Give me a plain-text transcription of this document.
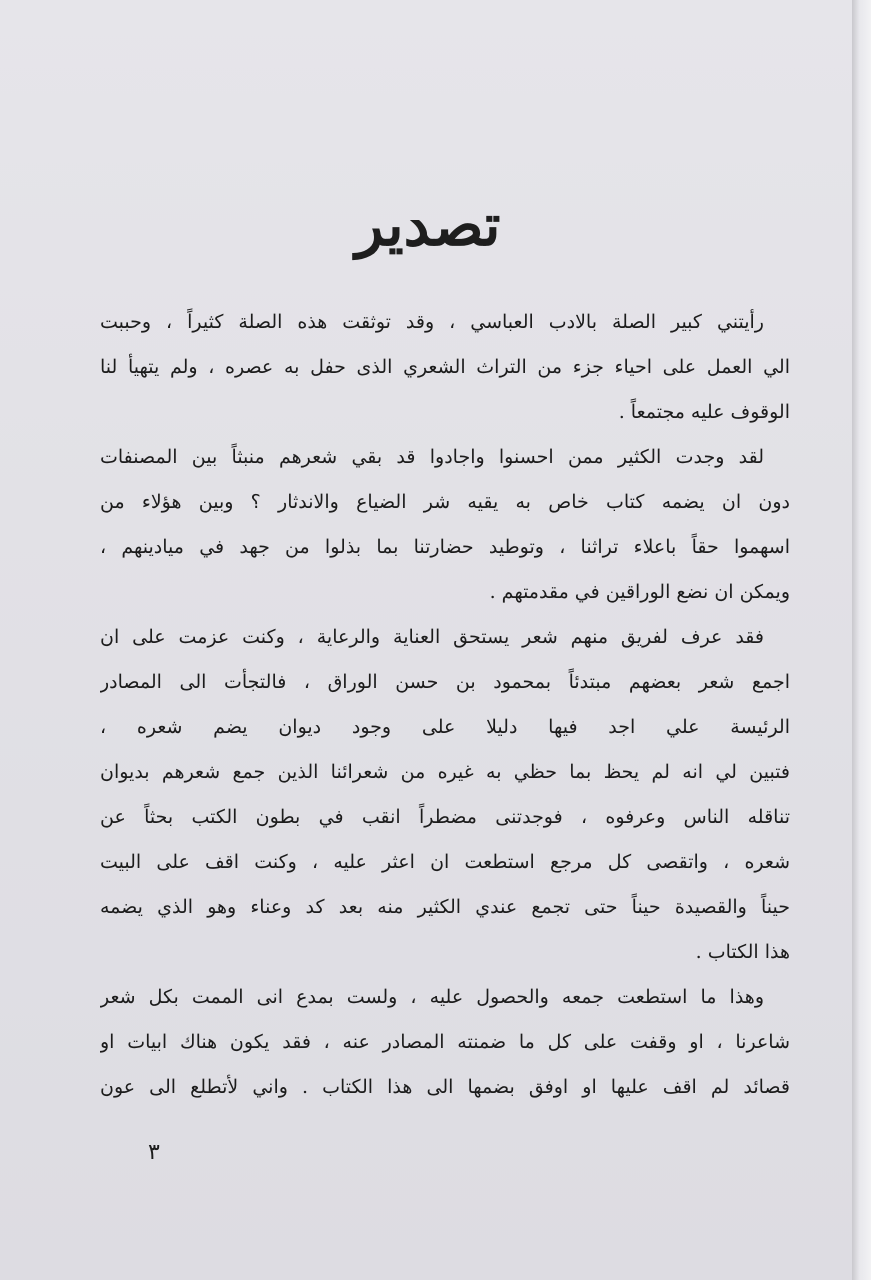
تصدير
رأيتني كبير الصلة بالادب العباسي ، وقد توثقت هذه الصلة كثيراً ، وحببت
الي العمل على احياء جزء من التراث الشعري الذى حفل به عصره ، ولم يتهيأ لنا
الوقوف عليه مجتمعاً .
لقد وجدت الكثير ممن احسنوا واجادوا قد بقي شعرهم منبثاً بين المصنفات
دون ان يضمه كتاب خاص به يقيه شر الضياع والاندثار ؟ وبين هؤلاء من
اسهموا حقاً باعلاء تراثنا ، وتوطيد حضارتنا بما بذلوا من جهد في ميادينهم ،
ويمكن ان نضع الوراقين في مقدمتهم .
فقد عرف لفريق منهم شعر يستحق العناية والرعاية ، وكنت عزمت على ان
اجمع شعر بعضهم مبتدئاً بمحمود بن حسن الوراق ، فالتجأت الى المصادر
الرئيسة علي اجد فيها دليلا على وجود ديوان يضم شعره ،
فتبين لي انه لم يحظ بما حظي به غيره من شعرائنا الذين جمع شعرهم بديوان
تناقله الناس وعرفوه ، فوجدتنى مضطراً انقب في بطون الكتب بحثاً عن
شعره ، واتقصى كل مرجع استطعت ان اعثر عليه ، وكنت اقف على البيت
حيناً والقصيدة حيناً حتى تجمع عندي الكثير منه بعد كد وعناء وهو الذي يضمه
هذا الكتاب .
وهذا ما استطعت جمعه والحصول عليه ، ولست بمدع انى الممت بكل شعر
شاعرنا ، او وقفت على كل ما ضمنته المصادر عنه ، فقد يكون هناك ابيات او
قصائد لم اقف عليها او اوفق بضمها الى هذا الكتاب . واني لأتطلع الى عون
٣
